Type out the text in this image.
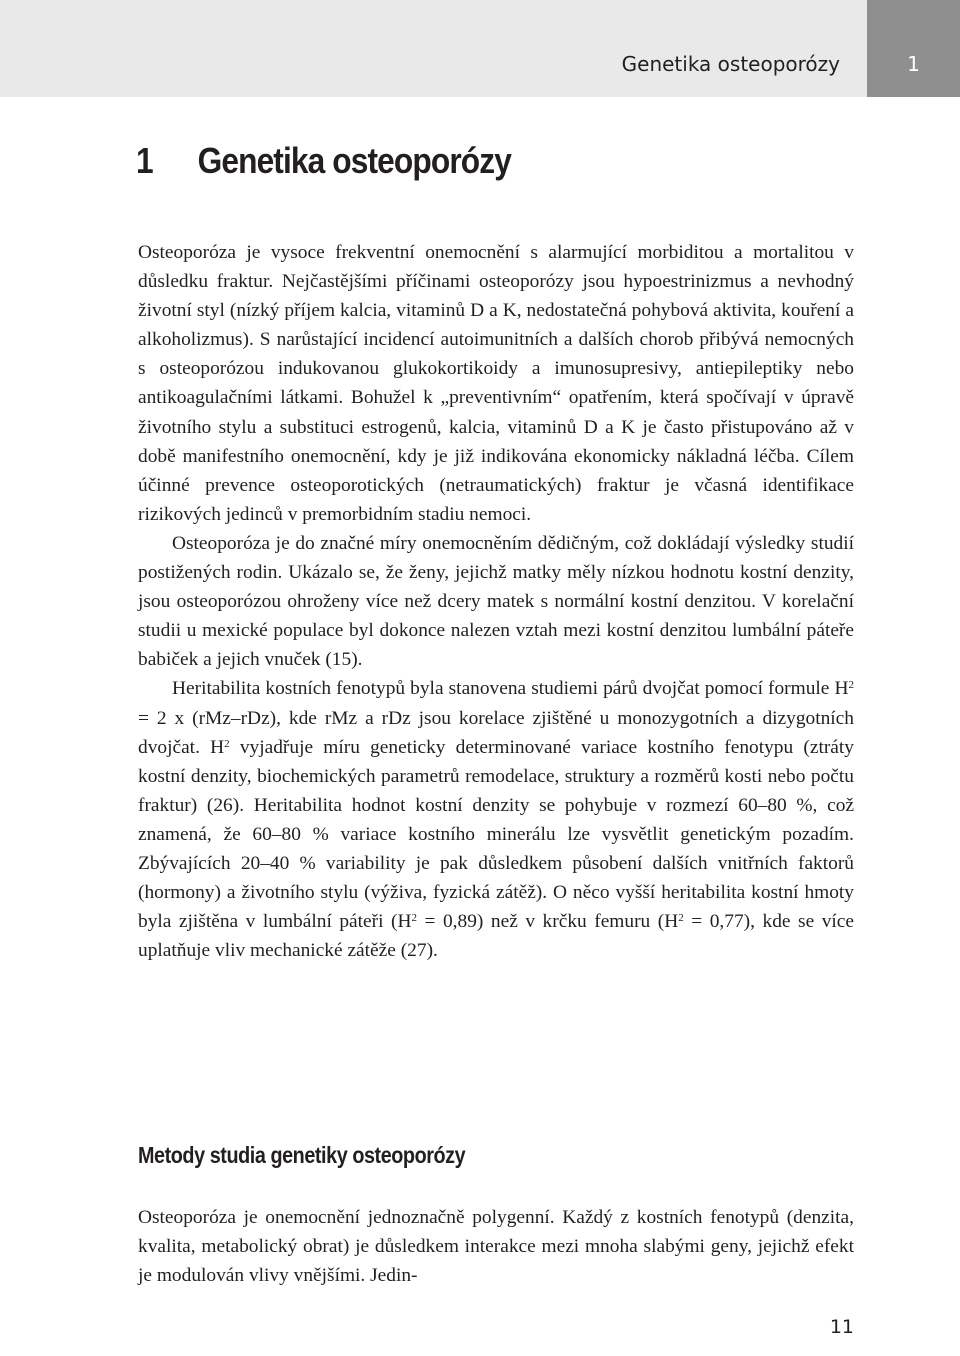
Genetika osteoporózy	1
1 Genetika osteoporózy

Osteoporóza je vysoce frekventní onemocnění s alarmující morbiditou a mortalitou v důsledku fraktur. Nejčastějšími příčinami osteoporózy jsou hypoestrinizmus a nevhodný životní styl (nízký příjem kalcia, vitaminů D a K, nedostatečná pohybová aktivita, kouření a alkoholizmus). S narůstající incidencí autoimunitních a dalších chorob přibývá nemocných s osteoporózou indukovanou glukokortikoidy a imunosupresivy, antiepileptiky nebo antikoagulačními látkami. Bohužel k „preventivním“ opatřením, která spočívají v úpravě životního stylu a substituci estrogenů, kalcia, vitaminů D a K je často přistupováno až v době manifestního onemocnění, kdy je již indikována ekonomicky nákladná léčba. Cílem účinné prevence osteoporotických (netraumatických) fraktur je včasná identifikace rizikových jedinců v premorbidním stadiu nemoci.

Osteoporóza je do značné míry onemocněním dědičným, což dokládají výsledky studií postižených rodin. Ukázalo se, že ženy, jejichž matky měly nízkou hodnotu kostní denzity, jsou osteoporózou ohroženy více než dcery matek s normální kostní denzitou. V korelační studii u mexické populace byl dokonce nalezen vztah mezi kostní denzitou lumbální páteře babiček a jejich vnuček (15).

Heritabilita kostních fenotypů byla stanovena studiemi párů dvojčat pomocí formule $H^2 = 2$ x (rMz–rDz), kde rMz a rDz jsou korelace zjištěné u monozygotních a dizygotních dvojčat. $H^2$ vyjadřuje míru geneticky determinované variace kostního fenotypu (ztráty kostní denzity, biochemických parametrů remodelace, struktury a rozměrů kosti nebo počtu fraktur) (26). Heritabilita hodnot kostní denzity se pohybuje v rozmezí 60–80 %, což znamená, že 60–80 % variace kostního minerálu lze vysvětlit genetickým pozadím. Zbývajících 20–40 % variability je pak důsledkem působení dalších vnitřních faktorů (hormony) a životního stylu (výživa, fyzická zátěž). O něco vyšší heritabilita kostní hmoty byla zjištěna v lumbální páteři $(H^2 = 0,89)$ než v krčku femuru $(H^2 = 0,77)$, kde se více uplatňuje vliv mechanické zátěže (27).

Metody studia genetiky osteoporózy

Osteoporóza je onemocnění jednoznačně polygenní. Každý z kostních fenotypů (denzita, kvalita, metabolický obrat) je důsledkem interakce mezi mnoha slabými geny, jejichž efekt je modulován vlivy vnějšími. Jedin-

11
